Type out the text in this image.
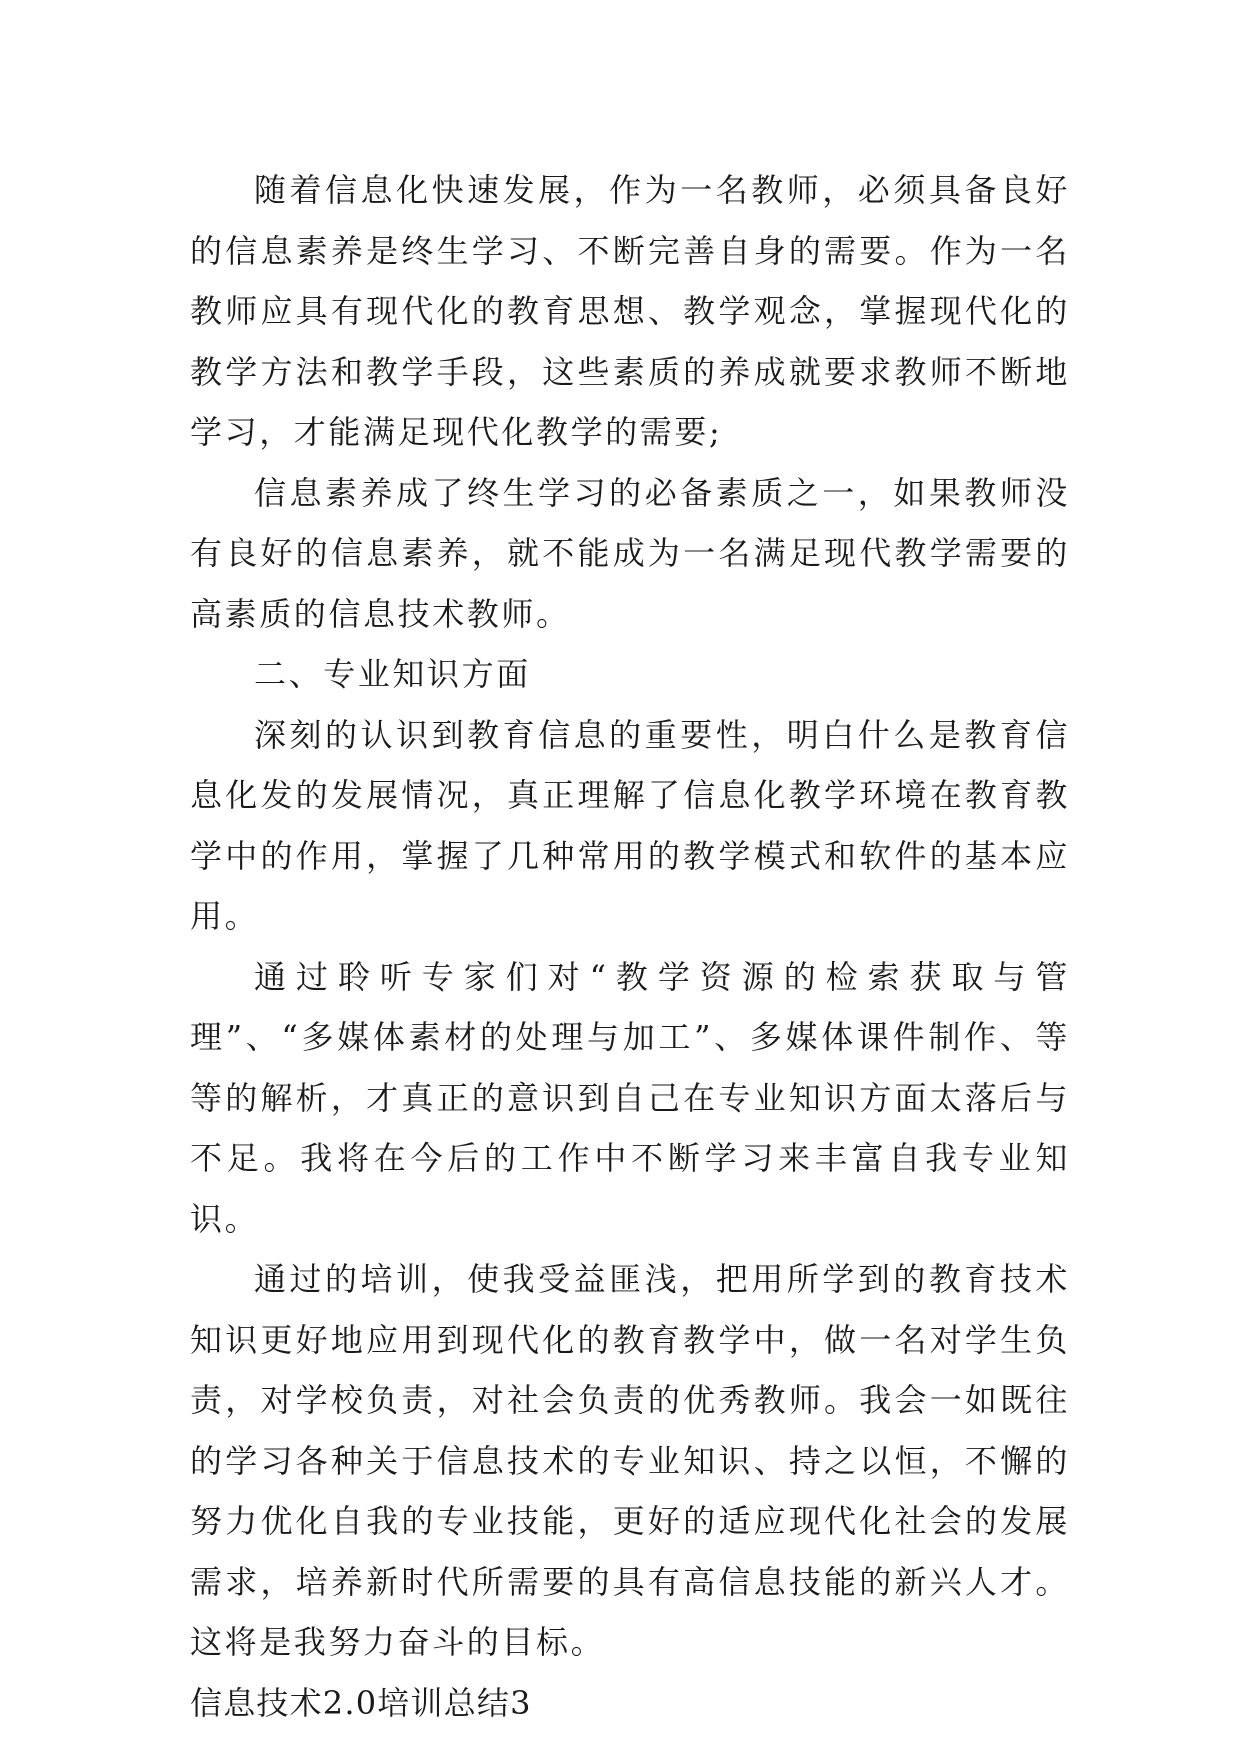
随着信息化快速发展，作为一名教师，必须具备良好的信息素养是终生学习、不断完善自身的需要。作为一名教师应具有现代化的教育思想、教学观念，掌握现代化的教学方法和教学手段，这些素质的养成就要求教师不断地学习，才能满足现代化教学的需要;

信息素养成了终生学习的必备素质之一，如果教师没有良好的信息素养，就不能成为一名满足现代教学需要的高素质的信息技术教师。

二、专业知识方面

深刻的认识到教育信息的重要性，明白什么是教育信息化发的发展情况，真正理解了信息化教学环境在教育教学中的作用，掌握了几种常用的教学模式和软件的基本应用。

通过聆听专家们对“教学资源的检索获取与管理”、“多媒体素材的处理与加工”、多媒体课件制作、等等的解析，才真正的意识到自己在专业知识方面太落后与不足。我将在今后的工作中不断学习来丰富自我专业知识。

通过的培训，使我受益匪浅，把用所学到的教育技术知识更好地应用到现代化的教育教学中，做一名对学生负责，对学校负责，对社会负责的优秀教师。我会一如既往的学习各种关于信息技术的专业知识、持之以恒，不懈的努力优化自我的专业技能，更好的适应现代化社会的发展需求，培养新时代所需要的具有高信息技能的新兴人才。这将是我努力奋斗的目标。

信息技术2.0培训总结3
